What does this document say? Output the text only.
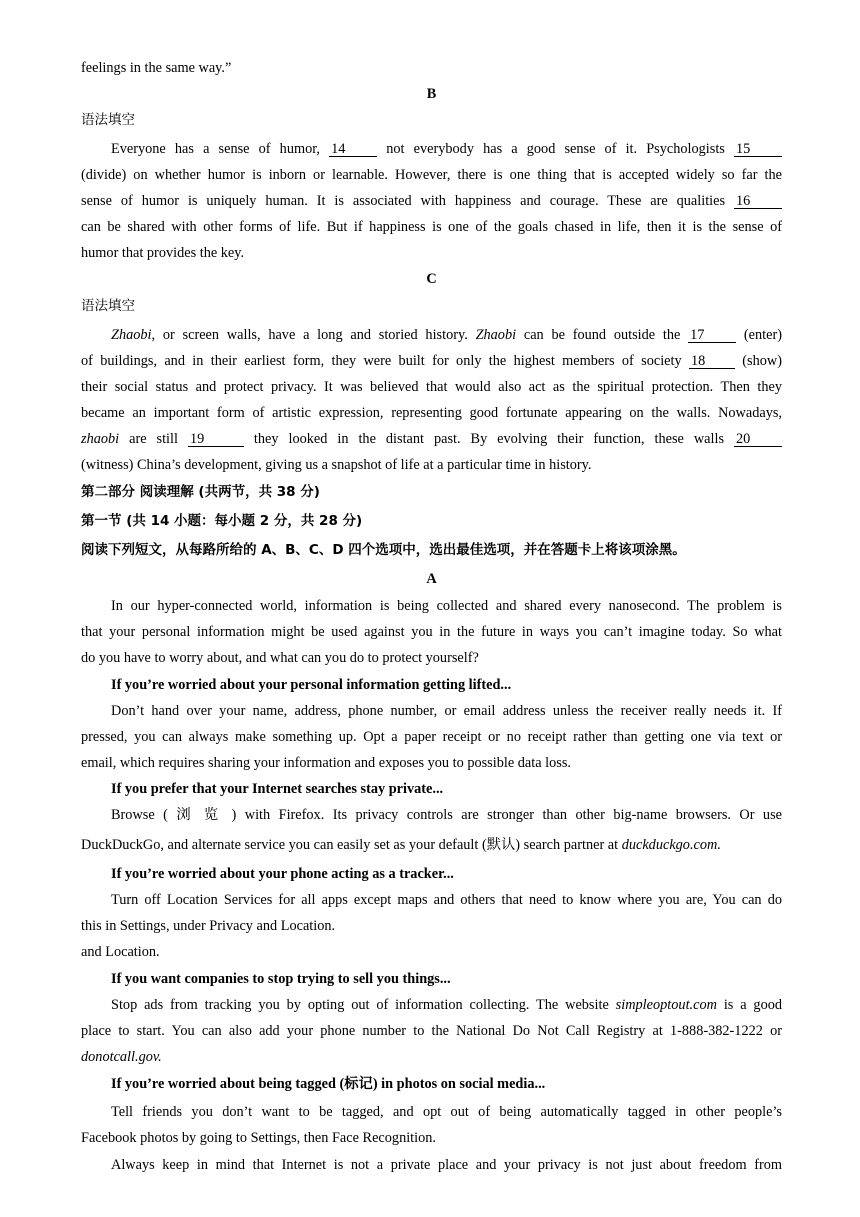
feelings in the same way.”
B
语法填空
Everyone has a sense of humor, 14	not everybody has a good sense of it. Psychologists 15
(divide) on whether humor is inborn or learnable. However, there is one thing that is accepted widely so far the
sense of humor is uniquely human. It is associated with happiness and courage. These are qualities 16
can be shared with other forms of life. But if happiness is one of the goals chased in life, then it is the sense of
humor that provides the key.
C
语法填空
Zhaobi, or screen walls, have a long and storied history. Zhaobi can be found outside the 17	(enter)
of buildings, and in their earliest form, they were built for only the highest members of society 18	(show)
their social status and protect privacy. It was believed that would also act as the spiritual protection. Then they
became an important form of artistic expression, representing good fortunate appearing on the walls. Nowadays,
zhaobi are still 19	they looked in the distant past. By evolving their function, these walls 20
(witness) China’s development, giving us a snapshot of life at a particular time in history.
第二部分 阅读理解 (共两节，共 38 分)
第一节 (共 14 小题：每小题 2 分，共 28 分)
阅读下列短文，从每路所给的 A、B、C、D 四个选项中，选出最佳选项，并在答题卡上将该项涂黑。
A
In our hyper-connected world, information is being collected and shared every nanosecond. The problem is
that your personal information might be used against you in the future in ways you can’t imagine today. So what
do you have to worry about, and what can you do to protect yourself?
If you’re worried about your personal information getting lifted...
Don’t hand over your name, address, phone number, or email address unless the receiver really needs it. If
pressed, you can always make something up. Opt a paper receipt or no receipt rather than getting one via text or
email, which requires sharing your information and exposes you to possible data loss.
If you prefer that your Internet searches stay private...
Browse ( 浏 览 ) with Firefox. Its privacy controls are stronger than other big-name browsers. Or use
DuckDuckGo, and alternate service you can easily set as your default (默认) search partner at duckduckgo.com.
If you’re worried about your phone acting as a tracker...
Turn off Location Services for all apps except maps and others that need to know where you are, You can do
this in Settings, under Privacy and Location.
and Location.
If you want companies to stop trying to sell you things...
Stop ads from tracking you by opting out of information collecting. The website simpleoptout.com is a good
place to start. You can also add your phone number to the National Do Not Call Registry at 1-888-382-1222 or
donotcall.gov.
If you’re worried about being tagged (标记) in photos on social media...
Tell friends you don’t want to be tagged, and opt out of being automatically tagged in other people’s
Facebook photos by going to Settings, then Face Recognition.
Always keep in mind that Internet is not a private place and your privacy is not just about freedom from
